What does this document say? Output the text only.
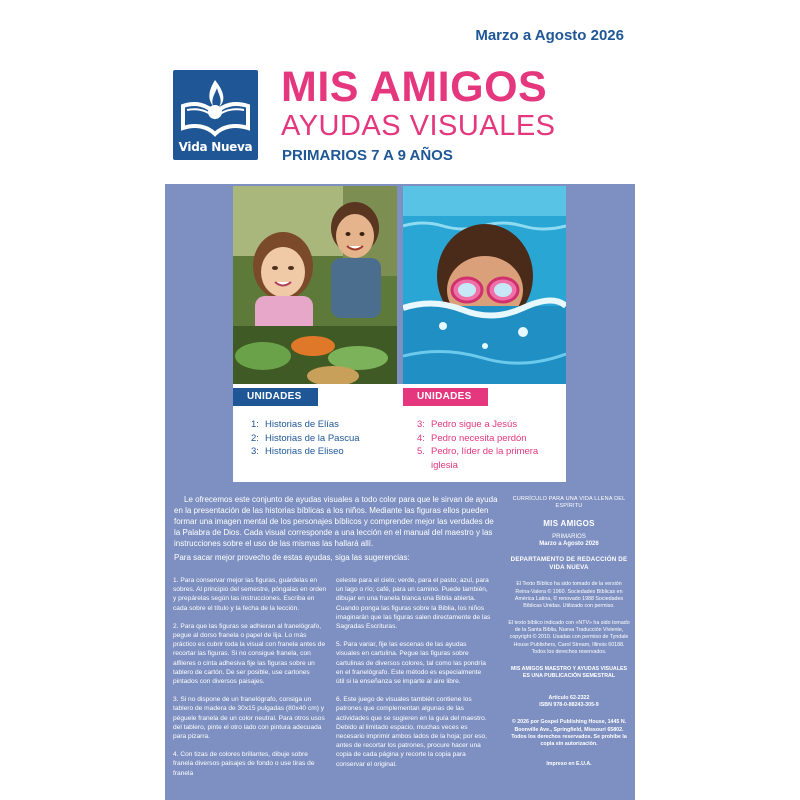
Marzo a Agosto 2026
Vida Nueva
MIS AMIGOS
AYUDAS VISUALES
PRIMARIOS 7 A 9 AÑOS
UNIDADES
1: Historias de Elías
2: Historias de la Pascua
3: Historias de Eliseo
UNIDADES
3: Pedro sigue a Jesús
4: Pedro necesita perdón
5. Pedro, líder de la primera iglesia

Le ofrecemos este conjunto de ayudas visuales a todo color para que le sirvan de ayuda en la presentación de las historias bíblicas a los niños. Mediante las figuras ellos pueden formar una imagen mental de los personajes bíblicos y comprender mejor las verdades de la Palabra de Dios. Cada visual corresponde a una lección en el manual del maestro y las instrucciones sobre el uso de las mismas las hallará allí.

Para sacar mejor provecho de estas ayudas, siga las sugerencias:

1. Para conservar mejor las figuras, guárdelas en sobres. Al principio del semestre, póngalas en orden y prepárelas según las instrucciones. Escriba en cada sobre el título y la fecha de la lección.

2. Para que las figuras se adhieran al franelógrafo, pegue al dorso franela o papel de lija. Lo más práctico es cubrir toda la visual con franela antes de recortar las figuras. Si no consigue franela, con alfileres o cinta adhesiva fije las figuras sobre un tablero de cartón. De ser posible, use cartones pintados con diversos paisajes.

3. Si no dispone de un franelógrafo, consiga un tablero de madera de 30x15 pulgadas (80x40 cm) y péguele franela de un color neutral. Para otros usos del tablero, pinte el otro lado con pintura adecuada para pizarra.

4. Con tizas de colores brillantes, dibuje sobre franela diversos paisajes de fondo o use tiras de franela

celeste para el cielo; verde, para el pasto; azul, para un lago o río; café, para un camino. Puede también, dibujar en una franela blanca una Biblia abierta. Cuando ponga las figuras sobre la Biblia, los niños imaginarán que las figuras salen directamente de las Sagradas Escrituras.

5. Para variar, fije las escenas de las ayudas visuales en cartulina. Pegue las figuras sobre cartulinas de diversos colores, tal como las pondría en el franelógrafo. Este método es especialmente útil si la enseñanza se imparte al aire libre.

6. Este juego de visuales también contiene los patrones que complementan algunas de las actividades que se sugieren en la guía del maestro. Debido al limitado espacio, muchas veces es necesario imprimir ambos lados de la hoja; por eso, antes de recortar los patrones, procure hacer una copia de cada página y recorte la copia para conservar el original.

CURRÍCULO PARA UNA VIDA LLENA DEL ESPÍRITU
MIS AMIGOS
PRIMARIOS
Marzo a Agosto 2026
DEPARTAMENTO DE REDACCIÓN DE VIDA NUEVA
El Texto Bíblico ha sido tomado de la versión Reina-Valera © 1960. Sociedades Bíblicas en América Latina, © renovado 1988 Sociedades Bíblicas Unidas. Utilizado con permiso.
El texto bíblico indicado con «NTV» ha sido tomado de la Santa Biblia, Nueva Traducción Viviente, copyright © 2010. Usadas con permiso de Tyndale House Publishers, Carol Stream, Illinois 60188. Todos los derechos reservados.
MIS AMIGOS MAESTRO Y AYUDAS VISUALES ES UNA PUBLICACIÓN SEMESTRAL
Artículo 62-2322
ISBN 978-0-88243-305-9
© 2026 por Gospel Publishing House, 1445 N. Boonville Ave., Springfield, Missouri 65802. Todos los derechos reservados. Se prohíbe la copia sin autorización.
Impreso en E.U.A.
